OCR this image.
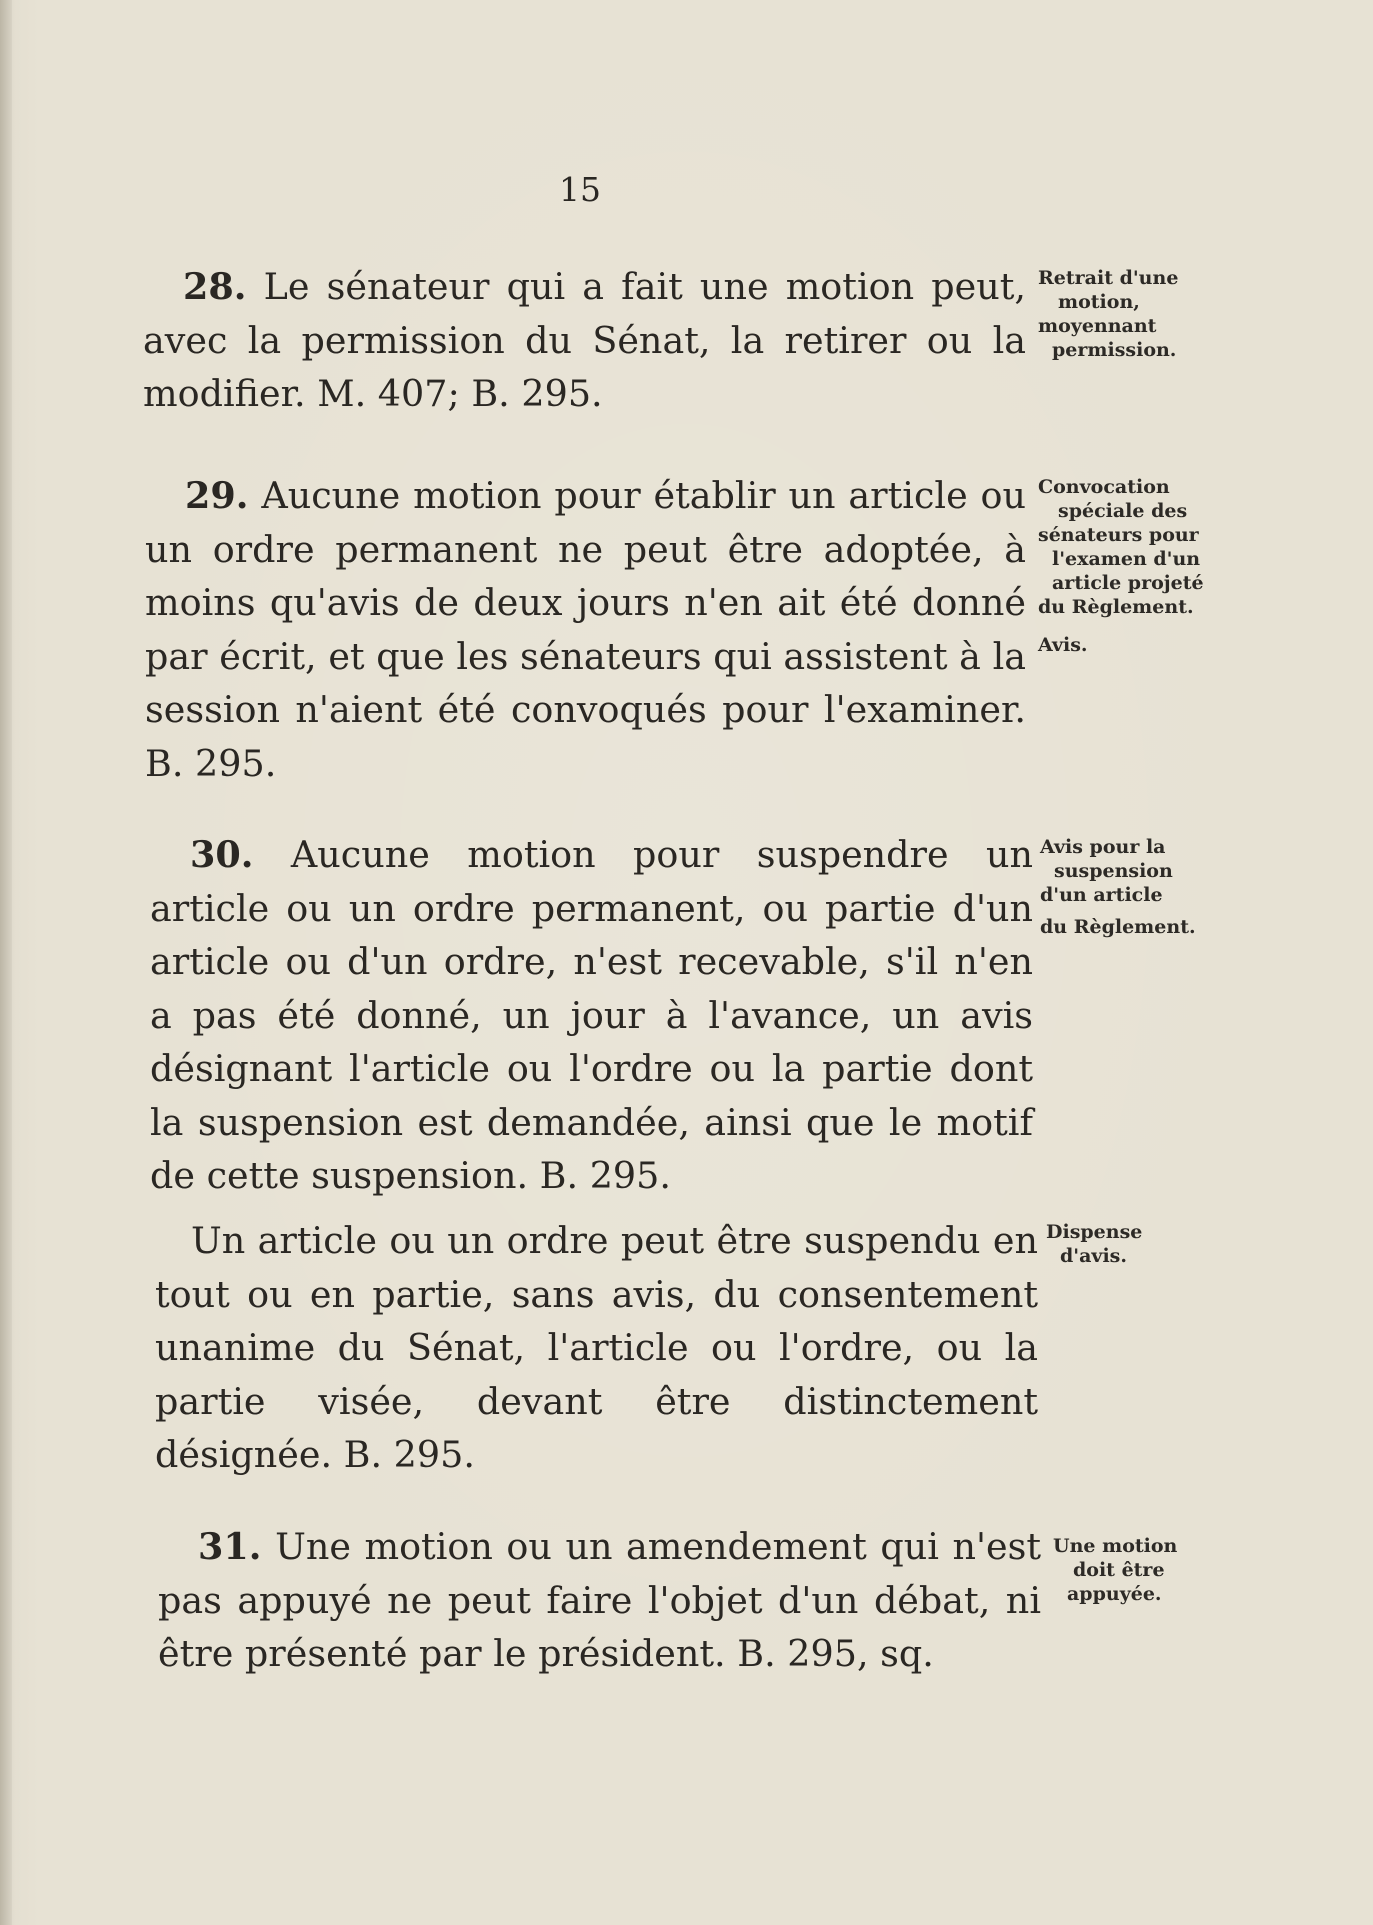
15

28. Le sénateur qui a fait une motion peut, avec la permission du Sénat, la retirer ou la modifier. M. 407; B. 295.

Retrait d'une
motion,
moyennant
permission.

29. Aucune motion pour établir un article ou un ordre permanent ne peut être adoptée, à moins qu'avis de deux jours n'en ait été donné par écrit, et que les sénateurs qui assistent à la session n'aient été convoqués pour l'examiner. B. 295.

Convocation
spéciale des
sénateurs pour
l'examen d'un
article projeté
du Règlement.
Avis.

30. Aucune motion pour suspendre un article ou un ordre permanent, ou partie d'un article ou d'un ordre, n'est recevable, s'il n'en a pas été donné, un jour à l'avance, un avis désignant l'article ou l'ordre ou la partie dont la suspension est demandée, ainsi que le motif de cette suspension. B. 295.

Avis pour la
suspension
d'un article
du Règlement.

Un article ou un ordre peut être suspendu en tout ou en partie, sans avis, du consentement unanime du Sénat, l'article ou l'ordre, ou la partie visée, devant être distinctement désignée. B. 295.

Dispense
d'avis.

31. Une motion ou un amendement qui n'est pas appuyé ne peut faire l'objet d'un débat, ni être présenté par le président. B. 295, sq.

Une motion
doit être
appuyée.
